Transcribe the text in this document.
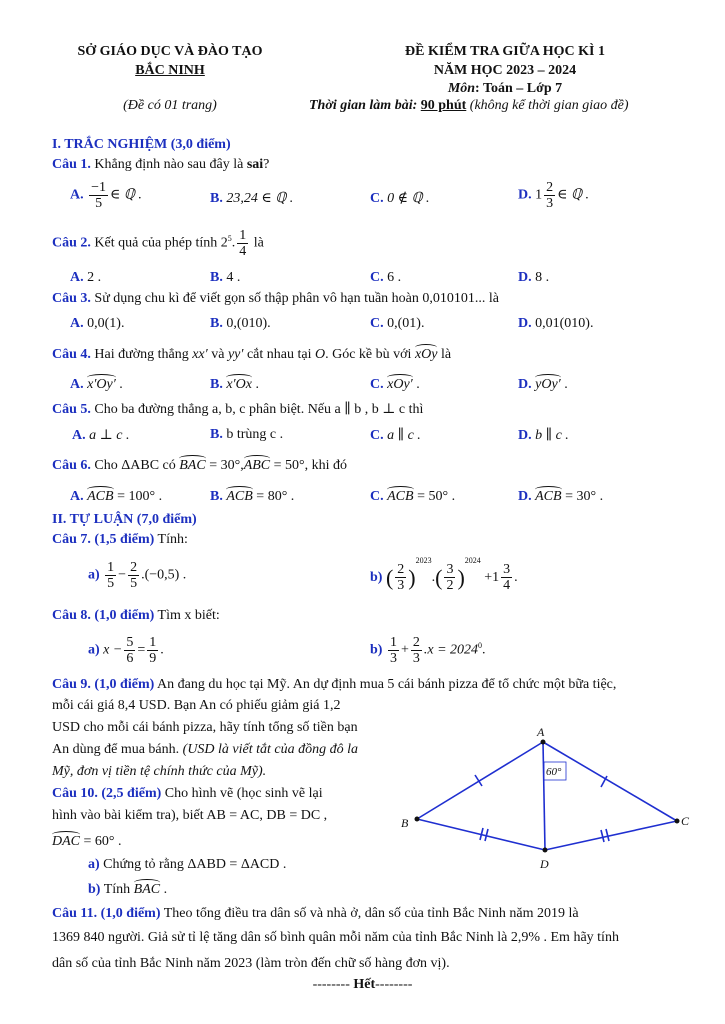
SỞ GIÁO DỤC VÀ ĐÀO TẠO
BẮC NINH
(Đề có 01 trang)
ĐỀ KIỂM TRA GIỮA HỌC KÌ 1
NĂM HỌC 2023 – 2024
Môn: Toán – Lớp 7
Thời gian làm bài: 90 phút (không kể thời gian giao đề)
I. TRẮC NGHIỆM (3,0 điểm)
Câu 1. Khẳng định nào sau đây là sai?
A. $\frac{-1}{5}$ ∈ ℚ .	B. 23,24 ∈ ℚ .	C. 0 ∉ ℚ .	D. $1 \frac{2}{3}$ ∈ ℚ .
Câu 2. Kết quả của phép tính $2^5$. $\frac{1}{4}$ là
A. 2 .	B. 4 .	C. 6 .	D. 8 .
Câu 3. Sử dụng chu kì để viết gọn số thập phân vô hạn tuần hoàn 0,010101... là
A. 0,0(1).	B. 0,(010).	C. 0,(01).	D. 0,01(010).
Câu 4. Hai đường thẳng xx′ và yy′ cắt nhau tại O. Góc kề bù với xOy là
A. x′Oy′ .	B. x′Ox .	C. xOy′ .	D. yOy′ .
Câu 5. Cho ba đường thẳng a, b, c phân biệt. Nếu a ∥ b , b ⊥ c thì
A. a ⊥ c .	B. b trùng c .	C. a ∥ c .	D. b ∥ c .
Câu 6. Cho ΔABC có BAC = 30°,ABC = 50°, khi đó
A. ACB = 100° .	B. ACB = 80° .	C. ACB = 50° .	D. ACB = 30° .
II. TỰ LUẬN (7,0 điểm)
Câu 7. (1,5 điểm) Tính:
$a) \frac{1}{5} - \frac{2}{5} .(-0,5)$ .	b) ( $\frac{2}{3} )^{2023}.( \frac{3}{2} )^{2024} +1 \frac{3}{4}$ .
Câu 8. (1,0 điểm) Tìm x biết:
a) $x - \frac{5}{6} = \frac{1}{9}$ .	$b) \frac{1}{3} + \frac{2}{3} .x = 2024^0$.
Câu 9. (1,0 điểm) An đang du học tại Mỹ. An dự định mua 5 cái bánh pizza để tổ chức một bữa tiệc,
mỗi cái giá 8,4 USD. Bạn An có phiếu giảm giá 1,2
USD cho mỗi cái bánh pizza, hãy tính tổng số tiền bạn
An dùng để mua bánh. (USD là viết tắt của đồng đô la
Mỹ, đơn vị tiền tệ chính thức của Mỹ).
Câu 10. (2,5 điểm) Cho hình vẽ (học sinh vẽ lại
hình vào bài kiểm tra), biết AB = AC, DB = DC ,
DAC = 60° .
a) Chứng tỏ rằng ΔABD = ΔACD .
b) Tính BAC .
A
B	C
D
60°
Câu 11. (1,0 điểm) Theo tổng điều tra dân số và nhà ở, dân số của tỉnh Bắc Ninh năm 2019 là
1369 840 người. Giả sử tỉ lệ tăng dân số bình quân mỗi năm của tỉnh Bắc Ninh là 2,9% . Em hãy tính
dân số của tỉnh Bắc Ninh năm 2023 (làm tròn đến chữ số hàng đơn vị).
-------- Hết--------
